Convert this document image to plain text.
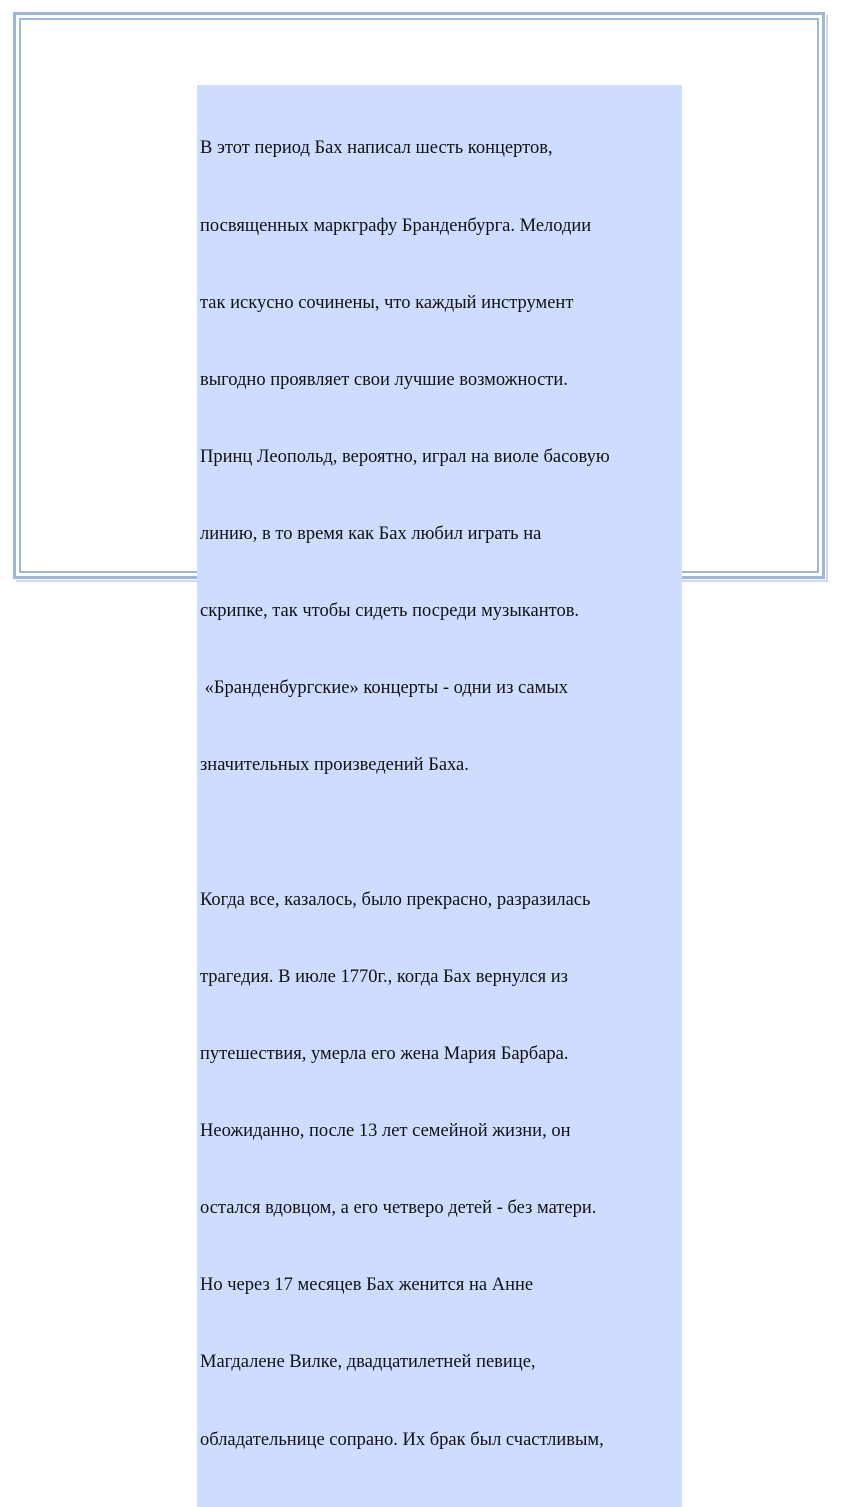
В этот период Бах написал шесть концертов,

посвященных маркграфу Бранденбурга. Мелодии

так искусно сочинены, что каждый инструмент

выгодно проявляет свои лучшие возможности.

Принц Леопольд, вероятно, играл на виоле басовую

линию, в то время как Бах любил играть на

скрипке, так чтобы сидеть посреди музыкантов.

«Бранденбургские» концерты - одни из самых

значительных произведений Баха.

Когда все, казалось, было прекрасно, разразилась

трагедия. В июле 1770г., когда Бах вернулся из

путешествия, умерла его жена Мария Барбара.

Неожиданно, после 13 лет семейной жизни, он

остался вдовцом, а его четверо детей - без матери.

Но через 17 месяцев Бах женится на Анне

Магдалене Вилке, двадцатилетней певице,

обладательнице сопрано. Их брак был счастливым,
